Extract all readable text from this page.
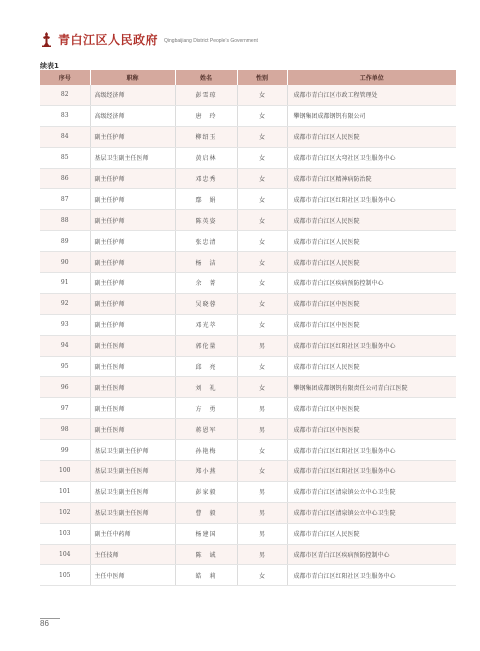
青白江区人民政府 Qingbaijiang District People’s Government
续表1
序号	职称	姓名	性别	工作单位
82	高级经济师	彭雪琼	女	成都市青白江区市政工程管理处
83	高级经济师	唐　玲	女	攀钢集团成都钢钒有限公司
84	副主任护师	柳绍玉	女	成都市青白江区人民医院
85	基层卫生副主任医师	黄启林	女	成都市青白江区大弯社区卫生服务中心
86	副主任护师	邓忠秀	女	成都市青白江区精神病防治院
87	副主任护师	鄢　娟	女	成都市青白江区红阳社区卫生服务中心
88	副主任护师	陈英姿	女	成都市青白江区人民医院
89	副主任护师	张忠清	女	成都市青白江区人民医院
90	副主任护师	杨　洁	女	成都市青白江区人民医院
91	副主任护师	余　菁	女	成都市青白江区疾病预防控制中心
92	副主任护师	吴晓蓉	女	成都市青白江区中医医院
93	副主任护师	邓光萃	女	成都市青白江区中医医院
94	副主任医师	郭伦量	男	成都市青白江区红阳社区卫生服务中心
95	副主任医师	邱　亮	女	成都市青白江区人民医院
96	副主任医师	刘　礼	女	攀钢集团成都钢钒有限责任公司青白江医院
97	副主任医师	方　勇	男	成都市青白江区中医医院
98	副主任医师	蒋恩军	男	成都市青白江区中医医院
99	基层卫生副主任护师	孙艳梅	女	成都市青白江区红阳社区卫生服务中心
100	基层卫生副主任医师	郑小燕	女	成都市青白江区红阳社区卫生服务中心
101	基层卫生副主任医师	彭家毅	男	成都市青白江区清泉镇公立中心卫生院
102	基层卫生副主任医师	曹　毅	男	成都市青白江区清泉镇公立中心卫生院
103	副主任中药师	杨建国	男	成都市青白江区人民医院
104	主任技师	陈　诚	男	成都市区青白江区疾病预防控制中心
105	主任中医师	皓　莉	女	成都市青白江区红阳社区卫生服务中心
86
